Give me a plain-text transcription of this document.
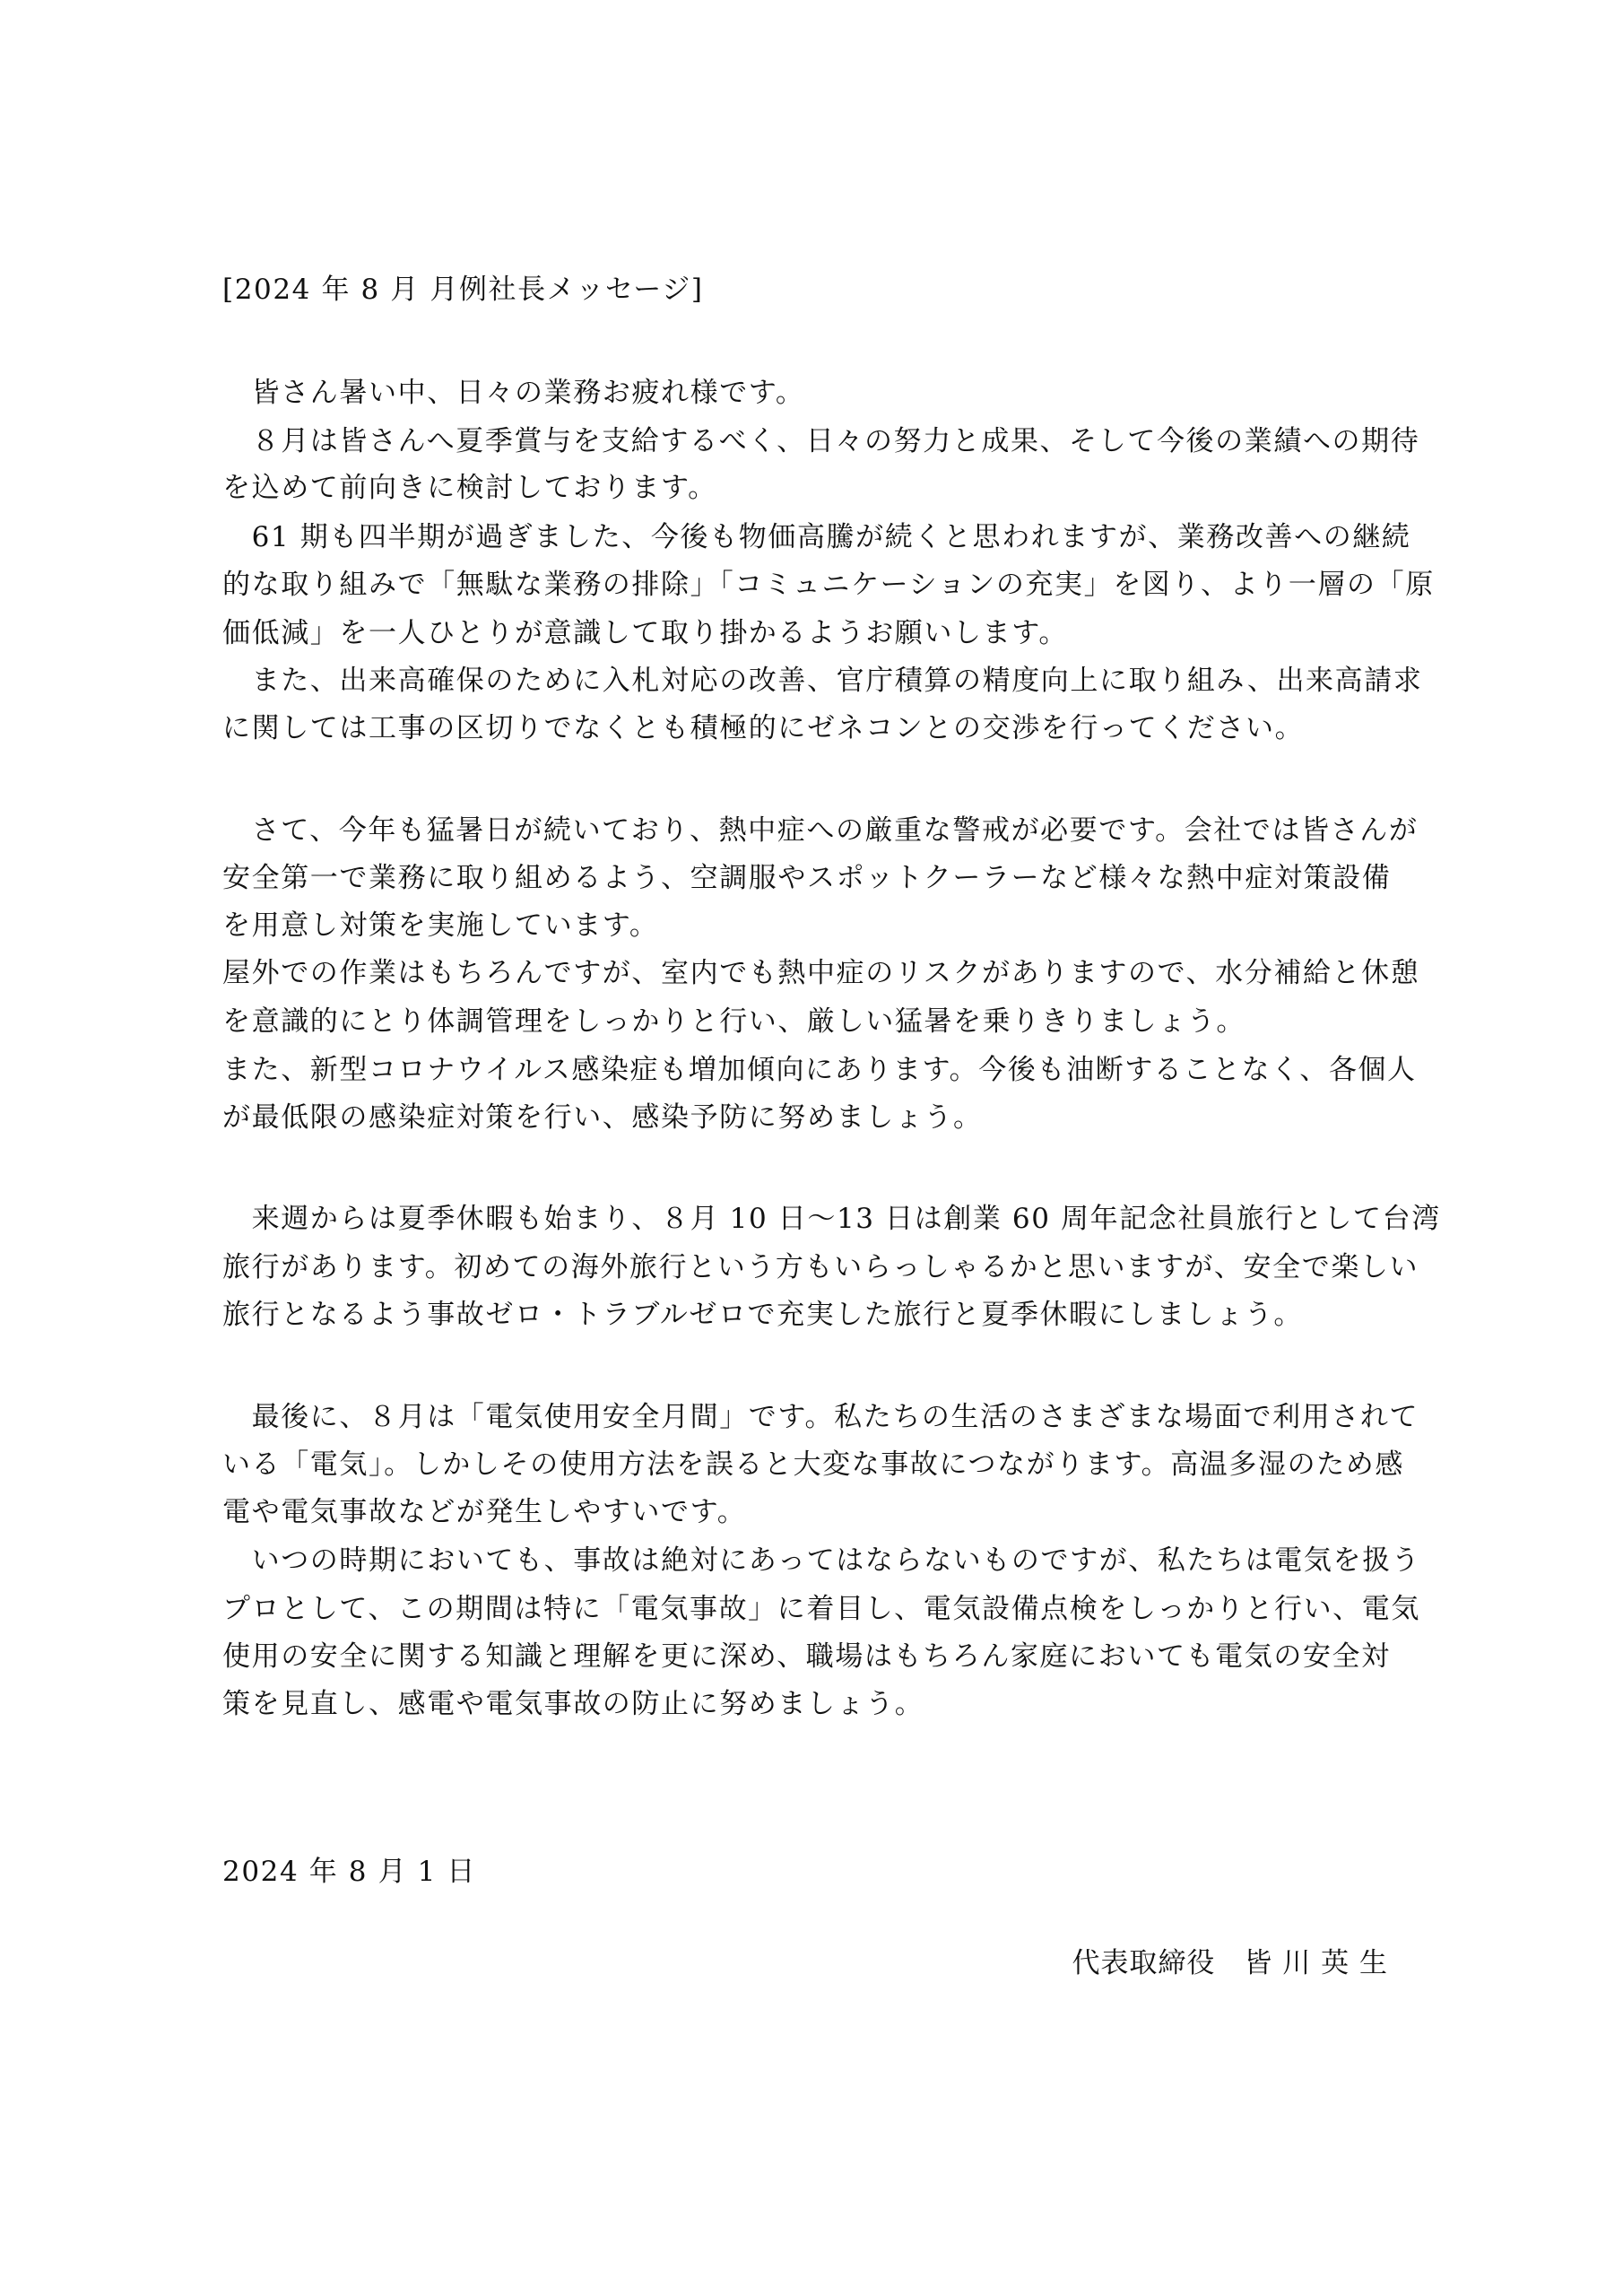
[2024 年 8 月 月例社長メッセージ]
　皆さん暑い中、日々の業務お疲れ様です。
　８月は皆さんへ夏季賞与を支給するべく、日々の努力と成果、そして今後の業績への期待
を込めて前向きに検討しております。
　61 期も四半期が過ぎました、今後も物価高騰が続くと思われますが、業務改善への継続
的な取り組みで「無駄な業務の排除」「コミュニケーションの充実」を図り、より一層の「原
価低減」を一人ひとりが意識して取り掛かるようお願いします。
　また、出来高確保のために入札対応の改善、官庁積算の精度向上に取り組み、出来高請求
に関しては工事の区切りでなくとも積極的にゼネコンとの交渉を行ってください。
　さて、今年も猛暑日が続いており、熱中症への厳重な警戒が必要です。会社では皆さんが
安全第一で業務に取り組めるよう、空調服やスポットクーラーなど様々な熱中症対策設備
を用意し対策を実施しています。
屋外での作業はもちろんですが、室内でも熱中症のリスクがありますので、水分補給と休憩
を意識的にとり体調管理をしっかりと行い、厳しい猛暑を乗りきりましょう。
また、新型コロナウイルス感染症も増加傾向にあります。今後も油断することなく、各個人
が最低限の感染症対策を行い、感染予防に努めましょう。
　来週からは夏季休暇も始まり、８月 10 日〜13 日は創業 60 周年記念社員旅行として台湾
旅行があります。初めての海外旅行という方もいらっしゃるかと思いますが、安全で楽しい
旅行となるよう事故ゼロ・トラブルゼロで充実した旅行と夏季休暇にしましょう。
　最後に、８月は「電気使用安全月間」です。私たちの生活のさまざまな場面で利用されて
いる「電気」。しかしその使用方法を誤ると大変な事故につながります。高温多湿のため感
電や電気事故などが発生しやすいです。
　いつの時期においても、事故は絶対にあってはならないものですが、私たちは電気を扱う
プロとして、この期間は特に「電気事故」に着目し、電気設備点検をしっかりと行い、電気
使用の安全に関する知識と理解を更に深め、職場はもちろん家庭においても電気の安全対
策を見直し、感電や電気事故の防止に努めましょう。
2024 年 8 月 1 日
代表取締役　皆 川 英 生
